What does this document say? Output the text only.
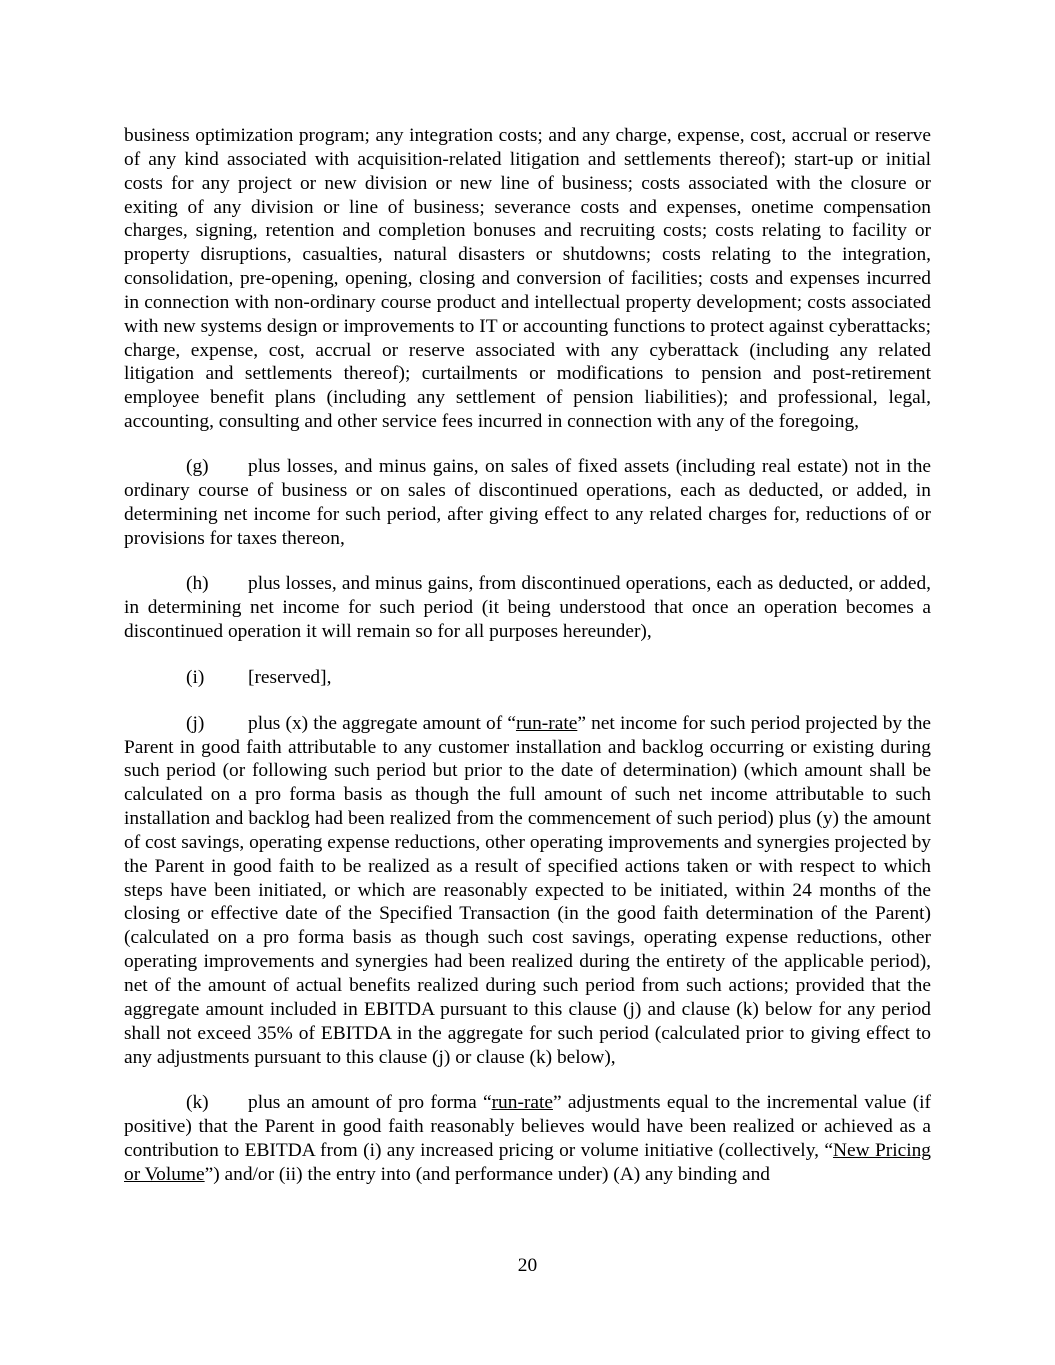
business optimization program; any integration costs; and any charge, expense, cost, accrual or reserve of any kind associated with acquisition-related litigation and settlements thereof); start-up or initial costs for any project or new division or new line of business; costs associated with the closure or exiting of any division or line of business; severance costs and expenses, onetime compensation charges, signing, retention and completion bonuses and recruiting costs; costs relating to facility or property disruptions, casualties, natural disasters or shutdowns; costs relating to the integration, consolidation, pre-opening, opening, closing and conversion of facilities; costs and expenses incurred in connection with non-ordinary course product and intellectual property development; costs associated with new systems design or improvements to IT or accounting functions to protect against cyberattacks; charge, expense, cost, accrual or reserve associated with any cyberattack (including any related litigation and settlements thereof); curtailments or modifications to pension and post-retirement employee benefit plans (including any settlement of pension liabilities); and professional, legal, accounting, consulting and other service fees incurred in connection with any of the foregoing,

(g) plus losses, and minus gains, on sales of fixed assets (including real estate) not in the ordinary course of business or on sales of discontinued operations, each as deducted, or added, in determining net income for such period, after giving effect to any related charges for, reductions of or provisions for taxes thereon,

(h) plus losses, and minus gains, from discontinued operations, each as deducted, or added, in determining net income for such period (it being understood that once an operation becomes a discontinued operation it will remain so for all purposes hereunder),

(i) [reserved],

(j) plus (x) the aggregate amount of “run-rate” net income for such period projected by the Parent in good faith attributable to any customer installation and backlog occurring or existing during such period (or following such period but prior to the date of determination) (which amount shall be calculated on a pro forma basis as though the full amount of such net income attributable to such installation and backlog had been realized from the commencement of such period) plus (y) the amount of cost savings, operating expense reductions, other operating improvements and synergies projected by the Parent in good faith to be realized as a result of specified actions taken or with respect to which steps have been initiated, or which are reasonably expected to be initiated, within 24 months of the closing or effective date of the Specified Transaction (in the good faith determination of the Parent) (calculated on a pro forma basis as though such cost savings, operating expense reductions, other operating improvements and synergies had been realized during the entirety of the applicable period), net of the amount of actual benefits realized during such period from such actions; provided that the aggregate amount included in EBITDA pursuant to this clause (j) and clause (k) below for any period shall not exceed 35% of EBITDA in the aggregate for such period (calculated prior to giving effect to any adjustments pursuant to this clause (j) or clause (k) below),

(k) plus an amount of pro forma “run-rate” adjustments equal to the incremental value (if positive) that the Parent in good faith reasonably believes would have been realized or achieved as a contribution to EBITDA from (i) any increased pricing or volume initiative (collectively, “New Pricing or Volume”) and/or (ii) the entry into (and performance under) (A) any binding and

20
